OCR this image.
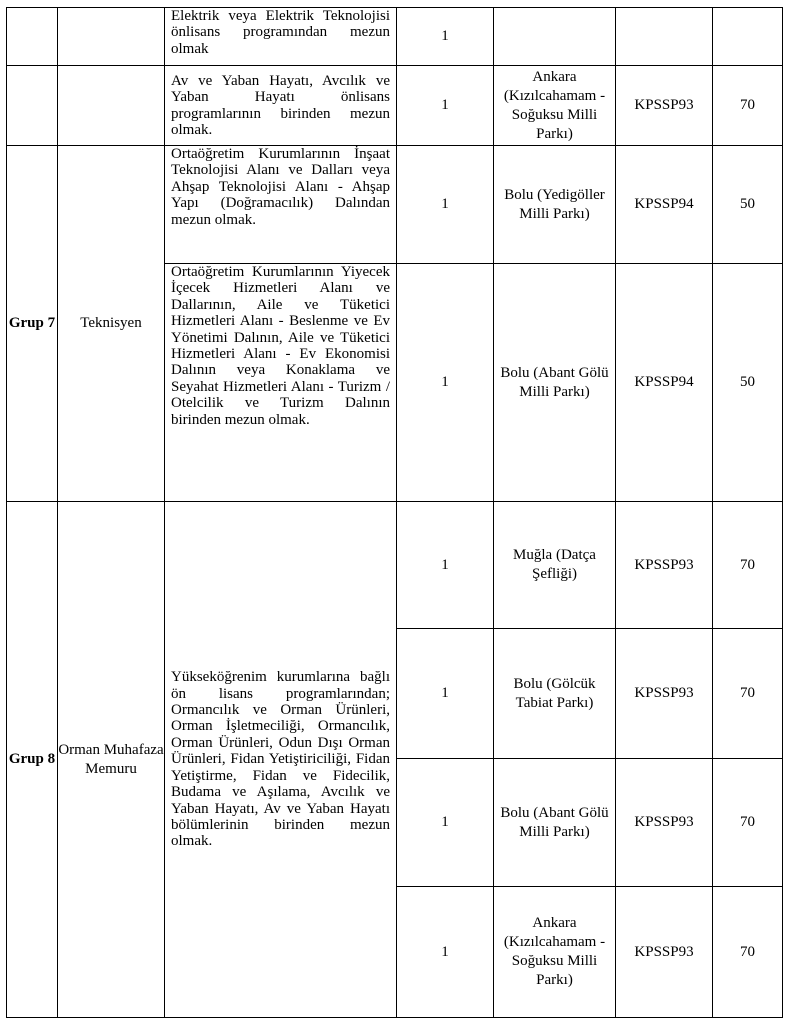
		Elektrik veya Elektrik Teknolojisi önlisans programından mezun olmak	1			
		Av ve Yaban Hayatı, Avcılık ve Yaban Hayatı önlisans programlarının birinden mezun olmak.	1	Ankara (Kızılcahamam - Soğuksu Milli Parkı)	KPSSP93	70
Grup 7	Teknisyen	Ortaöğretim Kurumlarının İnşaat Teknolojisi Alanı ve Dalları veya Ahşap Teknolojisi Alanı - Ahşap Yapı (Doğramacılık) Dalından mezun olmak.	1	Bolu (Yedigöller Milli Parkı)	KPSSP94	50
		Ortaöğretim Kurumlarının Yiyecek İçecek Hizmetleri Alanı ve Dallarının, Aile ve Tüketici Hizmetleri Alanı - Beslenme ve Ev Yönetimi Dalının, Aile ve Tüketici Hizmetleri Alanı - Ev Ekonomisi Dalının veya Konaklama ve Seyahat Hizmetleri Alanı - Turizm / Otelcilik ve Turizm Dalının birinden mezun olmak.	1	Bolu (Abant Gölü Milli Parkı)	KPSSP94	50
Grup 8	Orman Muhafaza Memuru	Yükseköğrenim kurumlarına bağlı ön lisans programlarından; Ormancılık ve Orman Ürünleri, Orman İşletmeciliği, Ormancılık, Orman Ürünleri, Odun Dışı Orman Ürünleri, Fidan Yetiştiriciliği, Fidan Yetiştirme, Fidan ve Fidecilik, Budama ve Aşılama, Avcılık ve Yaban Hayatı, Av ve Yaban Hayatı bölümlerinin birinden mezun olmak.	1	Muğla (Datça Şefliği)	KPSSP93	70
			1	Bolu (Gölcük Tabiat Parkı)	KPSSP93	70
			1	Bolu (Abant Gölü Milli Parkı)	KPSSP93	70
			1	Ankara (Kızılcahamam - Soğuksu Milli Parkı)	KPSSP93	70
